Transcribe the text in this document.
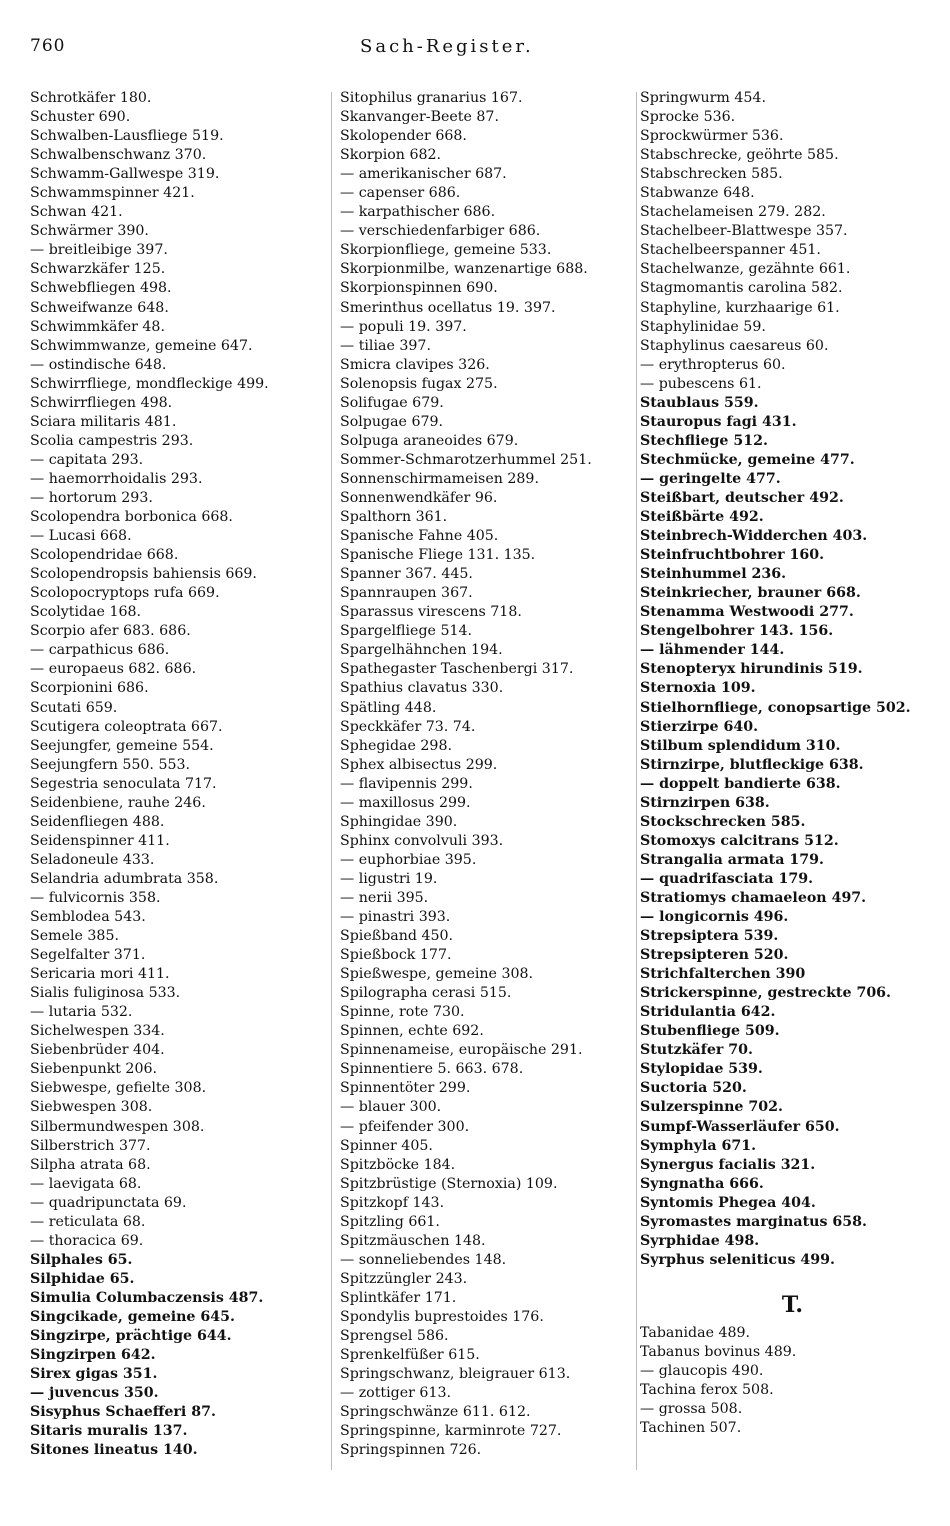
760	Sach-Register.
Schrotkäfer 180.
Schuster 690.
Schwalben-Lausfliege 519.
Schwalbenschwanz 370.
Schwamm-Gallwespe 319.
Schwammspinner 421.
Schwan 421.
Schwärmer 390.
— breitleibige 397.
Schwarzkäfer 125.
Schwebfliegen 498.
Schweifwanze 648.
Schwimmkäfer 48.
Schwimmwanze, gemeine 647.
— ostindische 648.
Schwirrfliege, mondfleckige 499.
Schwirrfliegen 498.
Sciara militaris 481.
Scolia campestris 293.
— capitata 293.
— haemorrhoidalis 293.
— hortorum 293.
Scolopendra borbonica 668.
— Lucasi 668.
Scolopendridae 668.
Scolopendropsis bahiensis 669.
Scolopocryptops rufa 669.
Scolytidae 168.
Scorpio afer 683. 686.
— carpathicus 686.
— europaeus 682. 686.
Scorpionini 686.
Scutati 659.
Scutigera coleoptrata 667.
Seejungfer, gemeine 554.
Seejungfern 550. 553.
Segestria senoculata 717.
Seidenbiene, rauhe 246.
Seidenfliegen 488.
Seidenspinner 411.
Seladoneule 433.
Selandria adumbrata 358.
— fulvicornis 358.
Semblodea 543.
Semele 385.
Segelfalter 371.
Sericaria mori 411.
Sialis fuliginosa 533.
— lutaria 532.
Sichelwespen 334.
Siebenbrüder 404.
Siebenpunkt 206.
Siebwespe, gefielte 308.
Siebwespen 308.
Silbermundwespen 308.
Silberstrich 377.
Silpha atrata 68.
— laevigata 68.
— quadripunctata 69.
— reticulata 68.
— thoracica 69.
Silphales 65.
Silphidae 65.
Simulia Columbaczensis 487.
Singcikade, gemeine 645.
Singzirpe, prächtige 644.
Singzirpen 642.
Sirex gigas 351.
— juvencus 350.
Sisyphus Schaefferi 87.
Sitaris muralis 137.
Sitones lineatus 140.
Sitophilus granarius 167.
Skanvanger-Beete 87.
Skolopender 668.
Skorpion 682.
— amerikanischer 687.
— capenser 686.
— karpathischer 686.
— verschiedenfarbiger 686.
Skorpionfliege, gemeine 533.
Skorpionmilbe, wanzenartige 688.
Skorpionspinnen 690.
Smerinthus ocellatus 19. 397.
— populi 19. 397.
— tiliae 397.
Smicra clavipes 326.
Solenopsis fugax 275.
Solifugae 679.
Solpugae 679.
Solpuga araneoides 679.
Sommer-Schmarotzerhummel 251.
Sonnenschirmameisen 289.
Sonnenwendkäfer 96.
Spalthorn 361.
Spanische Fahne 405.
Spanische Fliege 131. 135.
Spanner 367. 445.
Spannraupen 367.
Sparassus virescens 718.
Spargelfliege 514.
Spargelhähnchen 194.
Spathegaster Taschenbergi 317.
Spathius clavatus 330.
Spätling 448.
Speckkäfer 73. 74.
Sphegidae 298.
Sphex albisectus 299.
— flavipennis 299.
— maxillosus 299.
Sphingidae 390.
Sphinx convolvuli 393.
— euphorbiae 395.
— ligustri 19.
— nerii 395.
— pinastri 393.
Spießband 450.
Spießbock 177.
Spießwespe, gemeine 308.
Spilographa cerasi 515.
Spinne, rote 730.
Spinnen, echte 692.
Spinnenameise, europäische 291.
Spinnentiere 5. 663. 678.
Spinnentöter 299.
— blauer 300.
— pfeifender 300.
Spinner 405.
Spitzböcke 184.
Spitzbrüstige (Sternoxia) 109.
Spitzkopf 143.
Spitzling 661.
Spitzmäuschen 148.
— sonneliebendes 148.
Spitzzüngler 243.
Splintkäfer 171.
Spondylis buprestoides 176.
Sprengsel 586.
Sprenkelfüßer 615.
Springschwanz, bleigrauer 613.
— zottiger 613.
Springschwänze 611. 612.
Springspinne, karminrote 727.
Springspinnen 726.
Springwurm 454.
Sprocke 536.
Sprockwürmer 536.
Stabschrecke, geöhrte 585.
Stabschrecken 585.
Stabwanze 648.
Stachelameisen 279. 282.
Stachelbeer-Blattwespe 357.
Stachelbeerspanner 451.
Stachelwanze, gezähnte 661.
Stagmomantis carolina 582.
Staphyline, kurzhaarige 61.
Staphylinidae 59.
Staphylinus caesareus 60.
— erythropterus 60.
— pubescens 61.
Staublaus 559.
Stauropus fagi 431.
Stechfliege 512.
Stechmücke, gemeine 477.
— geringelte 477.
Steißbart, deutscher 492.
Steißbärte 492.
Steinbrech-Widderchen 403.
Steinfruchtbohrer 160.
Steinhummel 236.
Steinkriecher, brauner 668.
Stenamma Westwoodi 277.
Stengelbohrer 143. 156.
— lähmender 144.
Stenopteryx hirundinis 519.
Sternoxia 109.
Stielhornfliege, conopsartige 502.
Stierzirpe 640.
Stilbum splendidum 310.
Stirnzirpe, blutfleckige 638.
— doppelt bandierte 638.
Stirnzirpen 638.
Stockschrecken 585.
Stomoxys calcitrans 512.
Strangalia armata 179.
— quadrifasciata 179.
Stratiomys chamaeleon 497.
— longicornis 496.
Strepsiptera 539.
Strepsipteren 520.
Strichfalterchen 390
Strickerspinne, gestreckte 706.
Stridulantia 642.
Stubenfliege 509.
Stutzkäfer 70.
Stylopidae 539.
Suctoria 520.
Sulzerspinne 702.
Sumpf-Wasserläufer 650.
Symphyla 671.
Synergus facialis 321.
Syngnatha 666.
Syntomis Phegea 404.
Syromastes marginatus 658.
Syrphidae 498.
Syrphus seleniticus 499.
T.
Tabanidae 489.
Tabanus bovinus 489.
— glaucopis 490.
Tachina ferox 508.
— grossa 508.
Tachinen 507.
